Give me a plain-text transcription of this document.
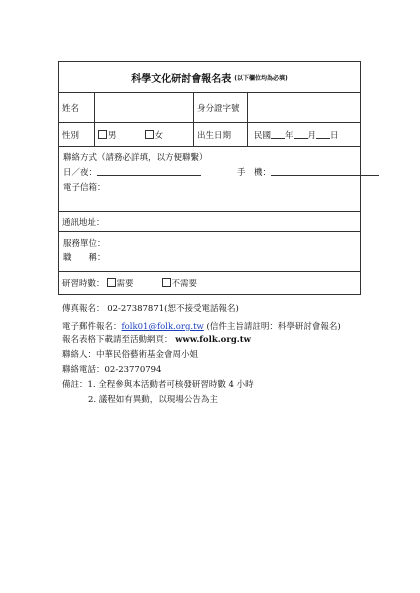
科學文化研討會報名表 (以下欄位均為必填)
姓名	身分證字號
性別	男	女	出生日期	民國 年 月 日
聯絡方式（請務必詳填，以方便聯繫）
日／夜：	手　機：
電子信箱：
通訊地址：
服務單位：
職　　稱：
研習時數：	需要	不需要
傳真報名： 02-27387871(恕不接受電話報名)
電子郵件報名：folk01@folk.org.tw (信件主旨請註明：科學研討會報名)
報名表格下載請至活動網頁： www.folk.org.tw
聯絡人：中華民俗藝術基金會周小姐
聯絡電話：02-23770794
備註：1. 全程參與本活動者可核發研習時數 4 小時
2. 議程如有異動，以現場公告為主
